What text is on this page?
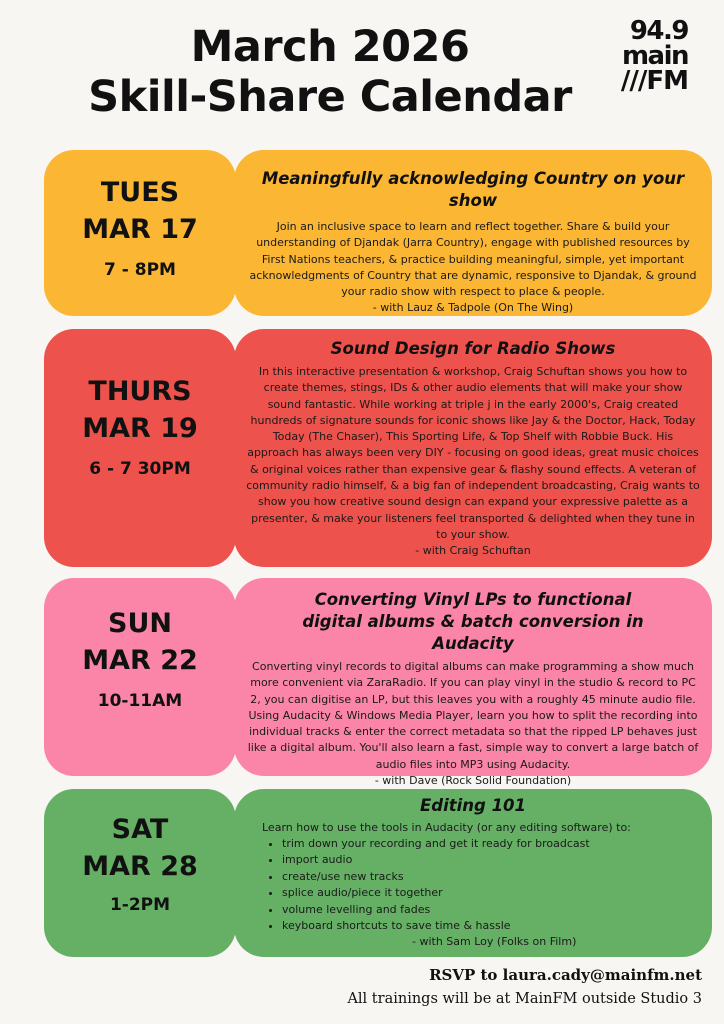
March 2026
Skill-Share Calendar
94.9
main
///FM
TUES
MAR 17
7 - 8PM
Meaningfully acknowledging Country on your show
Join an inclusive space to learn and reflect together. Share & build your understanding of Djandak (Jarra Country), engage with published resources by First Nations teachers, & practice building meaningful, simple, yet important acknowledgments of Country that are dynamic, responsive to Djandak, & ground your radio show with respect to place & people.
- with Lauz & Tadpole (On The Wing)
THURS
MAR 19
6 - 7 30PM
Sound Design for Radio Shows
In this interactive presentation & workshop, Craig Schuftan shows you how to create themes, stings, IDs & other audio elements that will make your show sound fantastic. While working at triple j in the early 2000's, Craig created hundreds of signature sounds for iconic shows like Jay & the Doctor, Hack, Today Today (The Chaser), This Sporting Life, & Top Shelf with Robbie Buck. His approach has always been very DIY - focusing on good ideas, great music choices & original voices rather than expensive gear & flashy sound effects. A veteran of community radio himself, & a big fan of independent broadcasting, Craig wants to show you how creative sound design can expand your expressive palette as a presenter, & make your listeners feel transported & delighted when they tune in to your show.
- with Craig Schuftan
SUN
MAR 22
10-11AM
Converting Vinyl LPs to functional digital albums & batch conversion in Audacity
Converting vinyl records to digital albums can make programming a show much more convenient via ZaraRadio. If you can play vinyl in the studio & record to PC 2, you can digitise an LP, but this leaves you with a roughly 45 minute audio file. Using Audacity & Windows Media Player, learn you how to split the recording into individual tracks & enter the correct metadata so that the ripped LP behaves just like a digital album. You'll also learn a fast, simple way to convert a large batch of audio files into MP3 using Audacity.
- with Dave (Rock Solid Foundation)
SAT
MAR 28
1-2PM
Editing 101
Learn how to use the tools in Audacity (or any editing software) to:
• trim down your recording and get it ready for broadcast
• import audio
• create/use new tracks
• splice audio/piece it together
• volume levelling and fades
• keyboard shortcuts to save time & hassle
- with Sam Loy (Folks on Film)
RSVP to laura.cady@mainfm.net
All trainings will be at MainFM outside Studio 3
